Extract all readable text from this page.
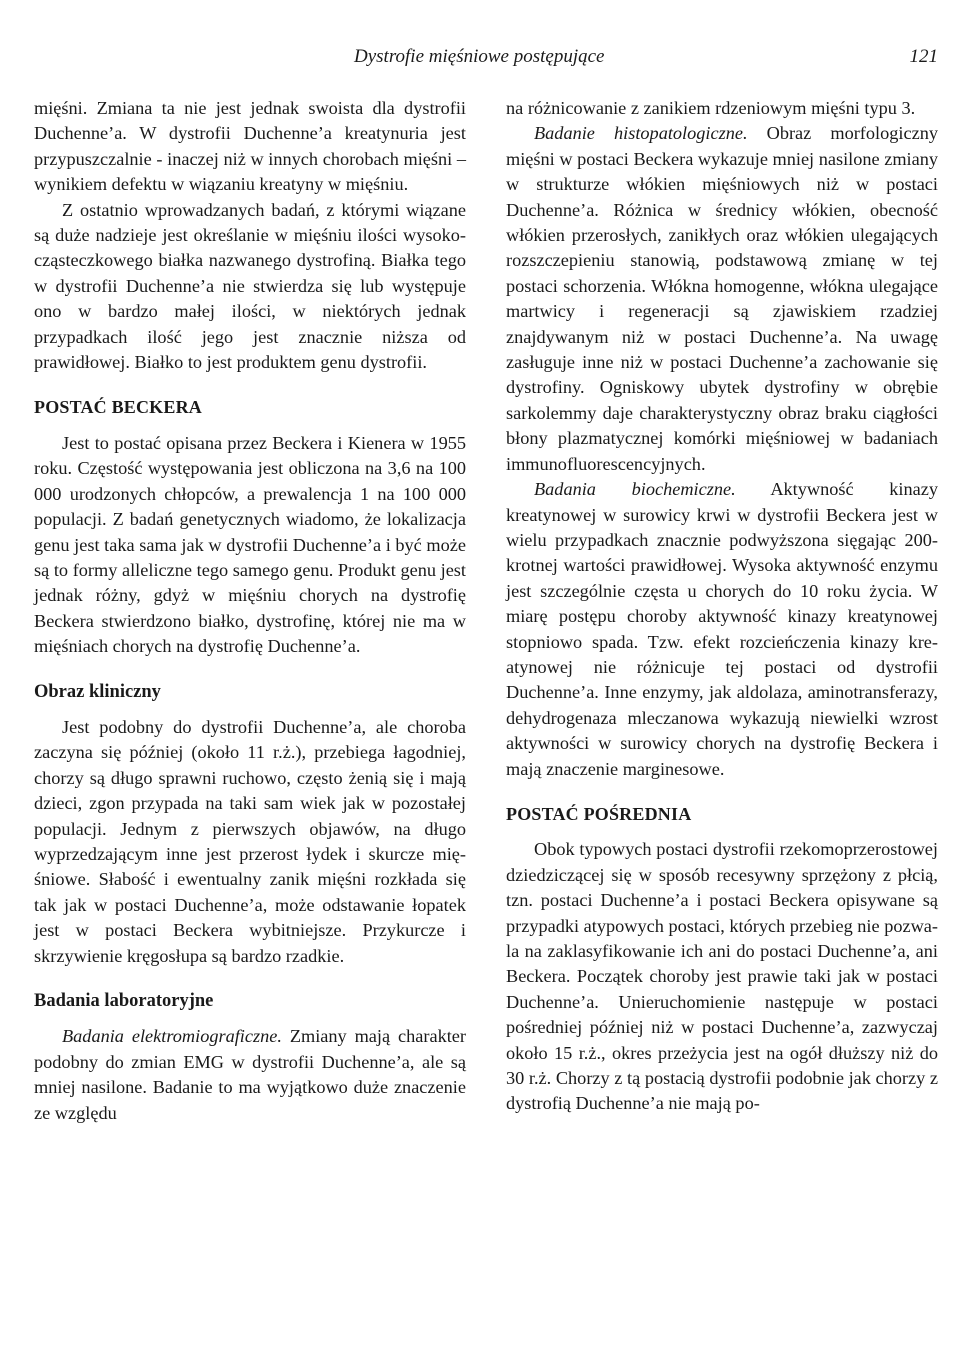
Dystrofie mięśniowe postępujące	121

mięśni. Zmiana ta nie jest jednak swoista dla dystrofii Duchenne’a. W dystrofii Duchenne’a kreatynuria jest przypuszczalnie - inaczej niż w innych chorobach mięśni – wynikiem defektu w wiązaniu kreatyny w mięśniu.

Z ostatnio wprowadzanych badań, z którymi wiązane są duże nadzieje jest określanie w mięśniu ilości wysoko-cząsteczkowego białka nazwanego dystrofiną. Białka tego w dystrofii Duchenne’a nie stwierdza się lub występuje ono w bardzo małej ilości, w niektórych jednak przypadkach ilość jego jest znacznie niższa od prawidłowej. Białko to jest produktem genu dystrofii.

POSTAĆ BECKERA

Jest to postać opisana przez Beckera i Kienera w 1955 roku. Częstość występowania jest obliczona na 3,6 na 100 000 urodzonych chłopców, a prewalencja 1 na 100 000 populacji. Z badań genetycznych wiadomo, że lokalizacja genu jest taka sama jak w dystrofii Duchenne’a i być może są to formy alleliczne tego samego genu. Produkt genu jest jednak różny, gdyż w mięśniu chorych na dystrofię Beckera stwierdzono białko, dystrofinę, której nie ma w mięśniach chorych na dystrofię Duchenne’a.

Obraz kliniczny

Jest podobny do dystrofii Duchenne’a, ale choroba zaczyna się później (około 11 r.ż.), przebiega łagodniej, chorzy są długo sprawni ruchowo, często żenią się i mają dzieci, zgon przypada na taki sam wiek jak w pozostałej populacji. Jednym z pierwszych objawów, na długo wyprzedzającym inne jest przerost łydek i skurcze mięśniowe. Słabość i ewentualny zanik mięśni rozkłada się tak jak w postaci Duchenne’a, może odstawanie łopatek jest w postaci Beckera wybitniejsze. Przykurcze i skrzywienie kręgosłupa są bardzo rzadkie.

Badania laboratoryjne

Badania elektromiograficzne. Zmiany mają charakter podobny do zmian EMG w dystrofii Duchenne’a, ale są mniej nasilone. Badanie to ma wyjątkowo duże znaczenie ze względu

na różnicowanie z zanikiem rdzeniowym mięśni typu 3.

Badanie histopatologiczne. Obraz morfologiczny mięśni w postaci Beckera wykazuje mniej nasilone zmiany w strukturze włókien mięśniowych niż w postaci Duchenne’a. Różnica w średnicy włókien, obecność włókien przerosłych, zanikłych oraz włókien ulegających rozszczepieniu stanowią, podstawową zmianę w tej postaci schorzenia. Włókna homogenne, włókna ulegające martwicy i regeneracji są zjawiskiem rzadziej znajdywanym niż w postaci Duchenne’a. Na uwagę zasługuje inne niż w postaci Duchenne’a zachowanie się dystrofiny. Ogniskowy ubytek dystrofiny w obrębie sarkolemmy daje charakterystyczny obraz braku ciągłości błony plazmatycznej komórki mięśniowej w badaniach immunofluorescencyjnych.

Badania biochemiczne. Aktywność kinazy kreatynowej w surowicy krwi w dystrofii Beckera jest w wielu przypadkach znacznie podwyższona sięgając 200-krotnej wartości prawidłowej. Wysoka aktywność enzymu jest szczególnie częsta u chorych do 10 roku życia. W miarę postępu choroby aktywność kinazy kreatynowej stopniowo spada. Tzw. efekt rozcieńczenia kinazy kreatynowej nie różnicuje tej postaci od dystrofii Duchenne’a. Inne enzymy, jak aldolaza, aminotransferazy, dehydrogenaza mleczanowa wykazują niewielki wzrost aktywności w surowicy chorych na dystrofię Beckera i mają znaczenie marginesowe.

POSTAĆ POŚREDNIA

Obok typowych postaci dystrofii rzekomoprzerostowej dziedziczącej się w sposób recesywny sprzężony z płcią, tzn. postaci Duchenne’a i postaci Beckera opisywane są przypadki atypowych postaci, których przebieg nie pozwala na zaklasyfikowanie ich ani do postaci Duchenne’a, ani Beckera. Początek choroby jest prawie taki jak w postaci Duchenne’a. Unieruchomienie następuje w postaci pośredniej później niż w postaci Duchenne’a, zazwyczaj około 15 r.ż., okres przeżycia jest na ogół dłuższy niż do 30 r.ż. Chorzy z tą postacią dystrofii podobnie jak chorzy z dystrofią Duchenne’a nie mają po-
